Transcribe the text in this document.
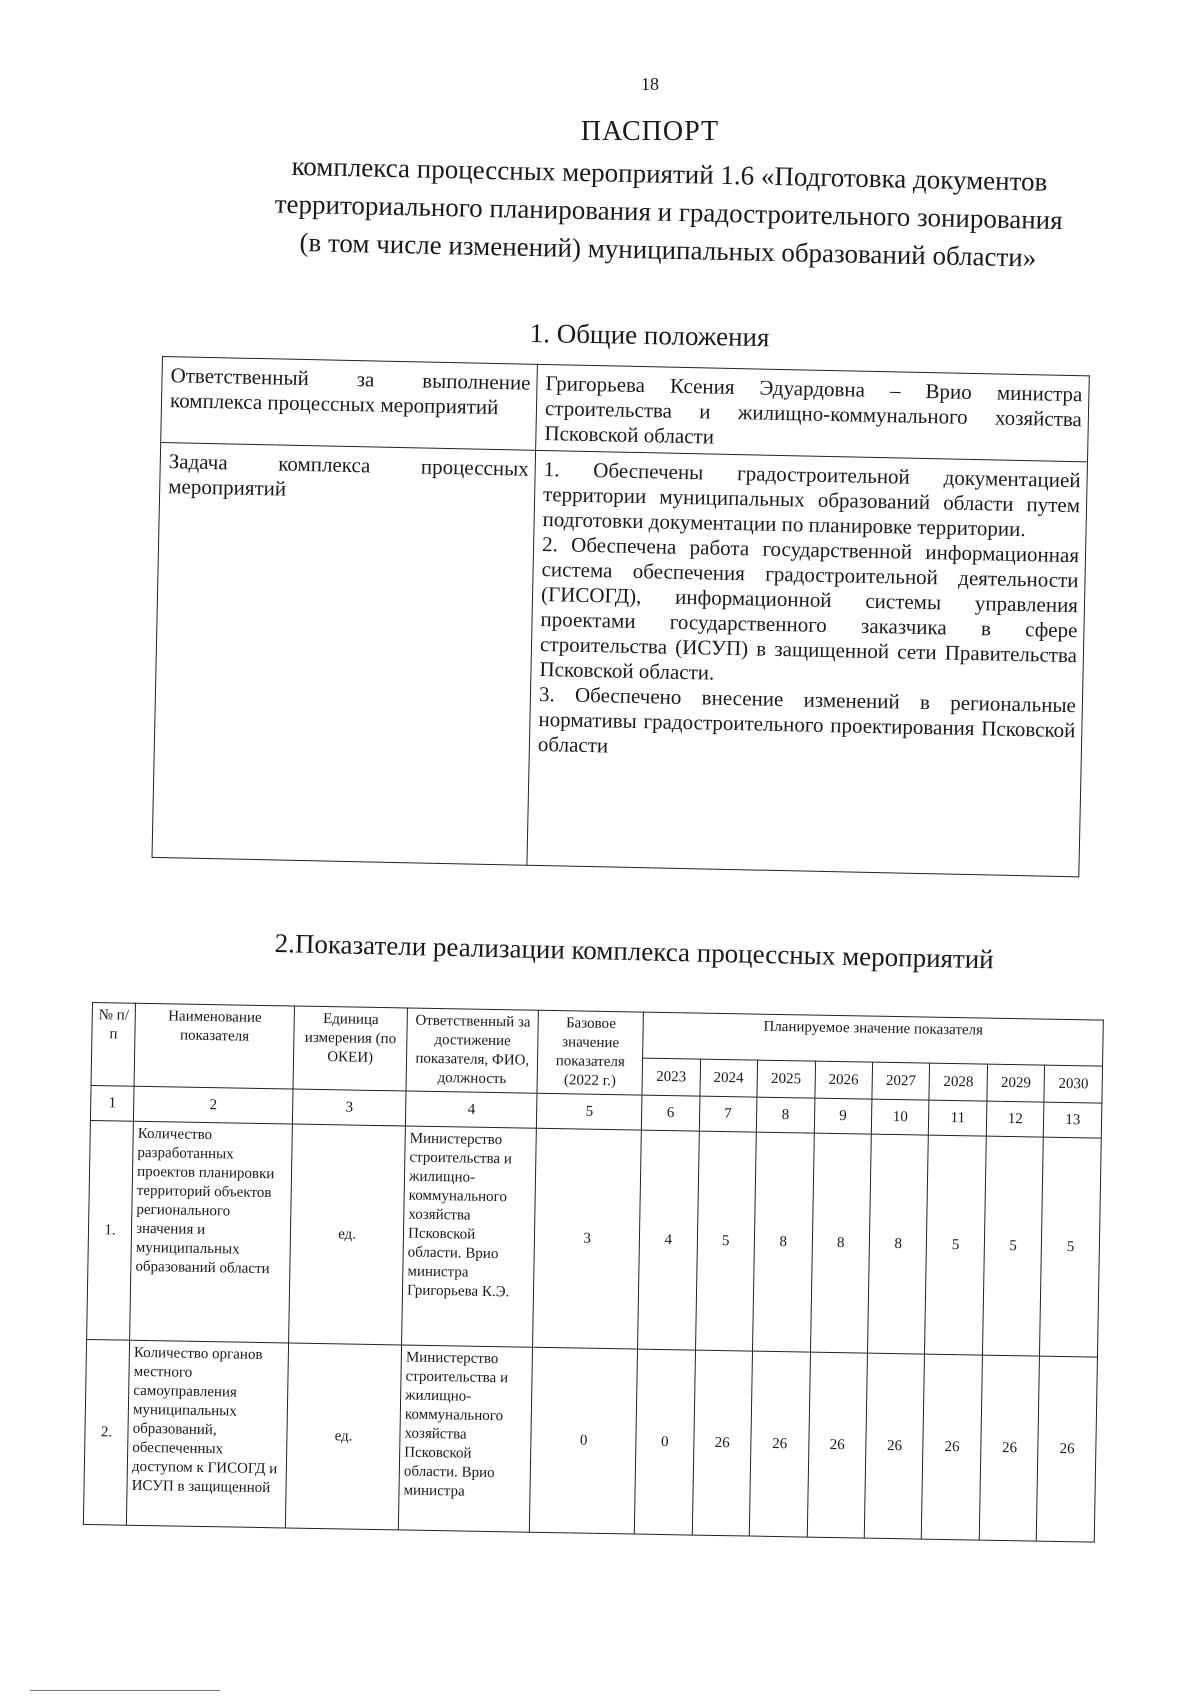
18
ПАСПОРТ
комплекса процессных мероприятий 1.6 «Подготовка документов
территориального планирования и градостроительного зонирования
(в том числе изменений) муниципальных образований области»
1. Общие положения
Ответственный за выполнение комплекса процессных мероприятий	Григорьева Ксения Эдуардовна – Врио министра строительства и жилищно-коммунального хозяйства Псковской области
Задача комплекса процессных мероприятий	1. Обеспечены градостроительной документацией территории муниципальных образований области путем подготовки документации по планировке территории.
2. Обеспечена работа государственной информационная система обеспечения градостроительной деятельности (ГИСОГД), информационной системы управления проектами государственного заказчика в сфере строительства (ИСУП) в защищенной сети Правительства Псковской области.
3. Обеспечено внесение изменений в региональные нормативы градостроительного проектирования Псковской области
2.Показатели реализации комплекса процессных мероприятий
№ п/п	Наименование показателя	Единица измерения (по ОКЕИ)	Ответственный за достижение показателя, ФИО, должность	Базовое значение показателя (2022 г.)	Планируемое значение показателя							
					2023	2024	2025	2026	2027	2028	2029	2030
1	2	3	4	5	6	7	8	9	10	11	12	13
1.	Количество разработанных проектов планировки территорий объектов регионального значения и муниципальных образований области	ед.	Министерство строительства и жилищно-коммунального хозяйства Псковской области. Врио министра Григорьева К.Э.	3	4	5	8	8	8	5	5	5
2.	Количество органов местного самоуправления муниципальных образований, обеспеченных доступом к ГИСОГД и ИСУП в защищенной	ед.	Министерство строительства и жилищно-коммунального хозяйства Псковской области. Врио министра	0	0	26	26	26	26	26	26	26
